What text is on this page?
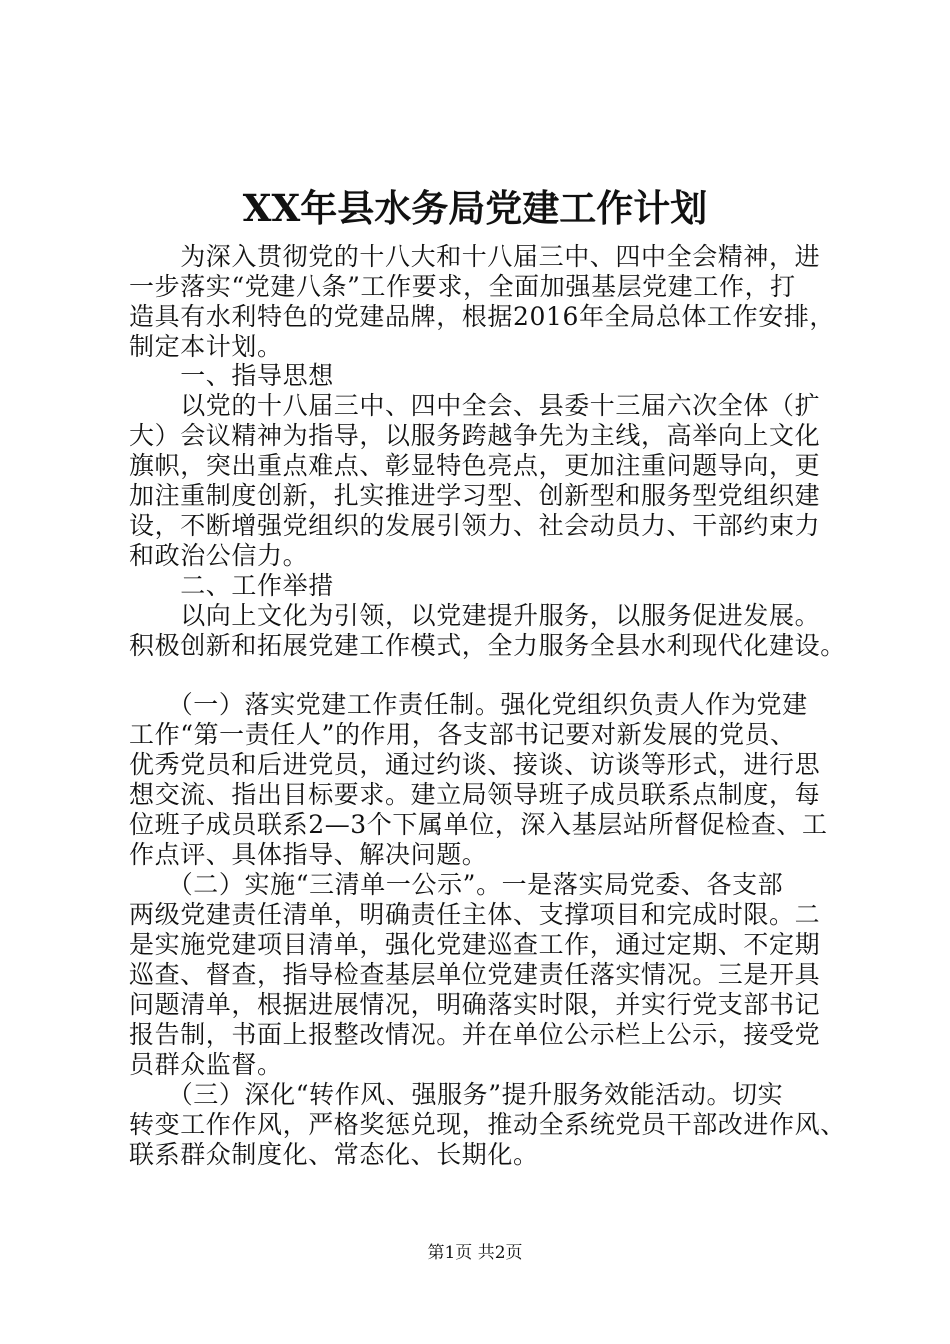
XX年县水务局党建工作计划
　　为深入贯彻党的十八大和十八届三中、四中全会精神，进
一步落实“党建八条”工作要求，全面加强基层党建工作，打
造具有水利特色的党建品牌，根据2016年全局总体工作安排，
制定本计划。
　　一、指导思想
　　以党的十八届三中、四中全会、县委十三届六次全体（扩
大）会议精神为指导，以服务跨越争先为主线，高举向上文化
旗帜，突出重点难点、彰显特色亮点，更加注重问题导向，更
加注重制度创新，扎实推进学习型、创新型和服务型党组织建
设，不断增强党组织的发展引领力、社会动员力、干部约束力
和政治公信力。
　　二、工作举措
　　以向上文化为引领，以党建提升服务，以服务促进发展。
积极创新和拓展党建工作模式，全力服务全县水利现代化建设。
　　（一）落实党建工作责任制。强化党组织负责人作为党建
工作“第一责任人”的作用，各支部书记要对新发展的党员、
优秀党员和后进党员，通过约谈、接谈、访谈等形式，进行思
想交流、指出目标要求。建立局领导班子成员联系点制度，每
位班子成员联系2—3个下属单位，深入基层站所督促检查、工
作点评、具体指导、解决问题。
　　（二）实施“三清单一公示”。一是落实局党委、各支部
两级党建责任清单，明确责任主体、支撑项目和完成时限。二
是实施党建项目清单，强化党建巡查工作，通过定期、不定期
巡查、督查，指导检查基层单位党建责任落实情况。三是开具
问题清单，根据进展情况，明确落实时限，并实行党支部书记
报告制，书面上报整改情况。并在单位公示栏上公示，接受党
员群众监督。
　　（三）深化“转作风、强服务”提升服务效能活动。切实
转变工作作风，严格奖惩兑现，推动全系统党员干部改进作风、
联系群众制度化、常态化、长期化。
第1页 共2页
